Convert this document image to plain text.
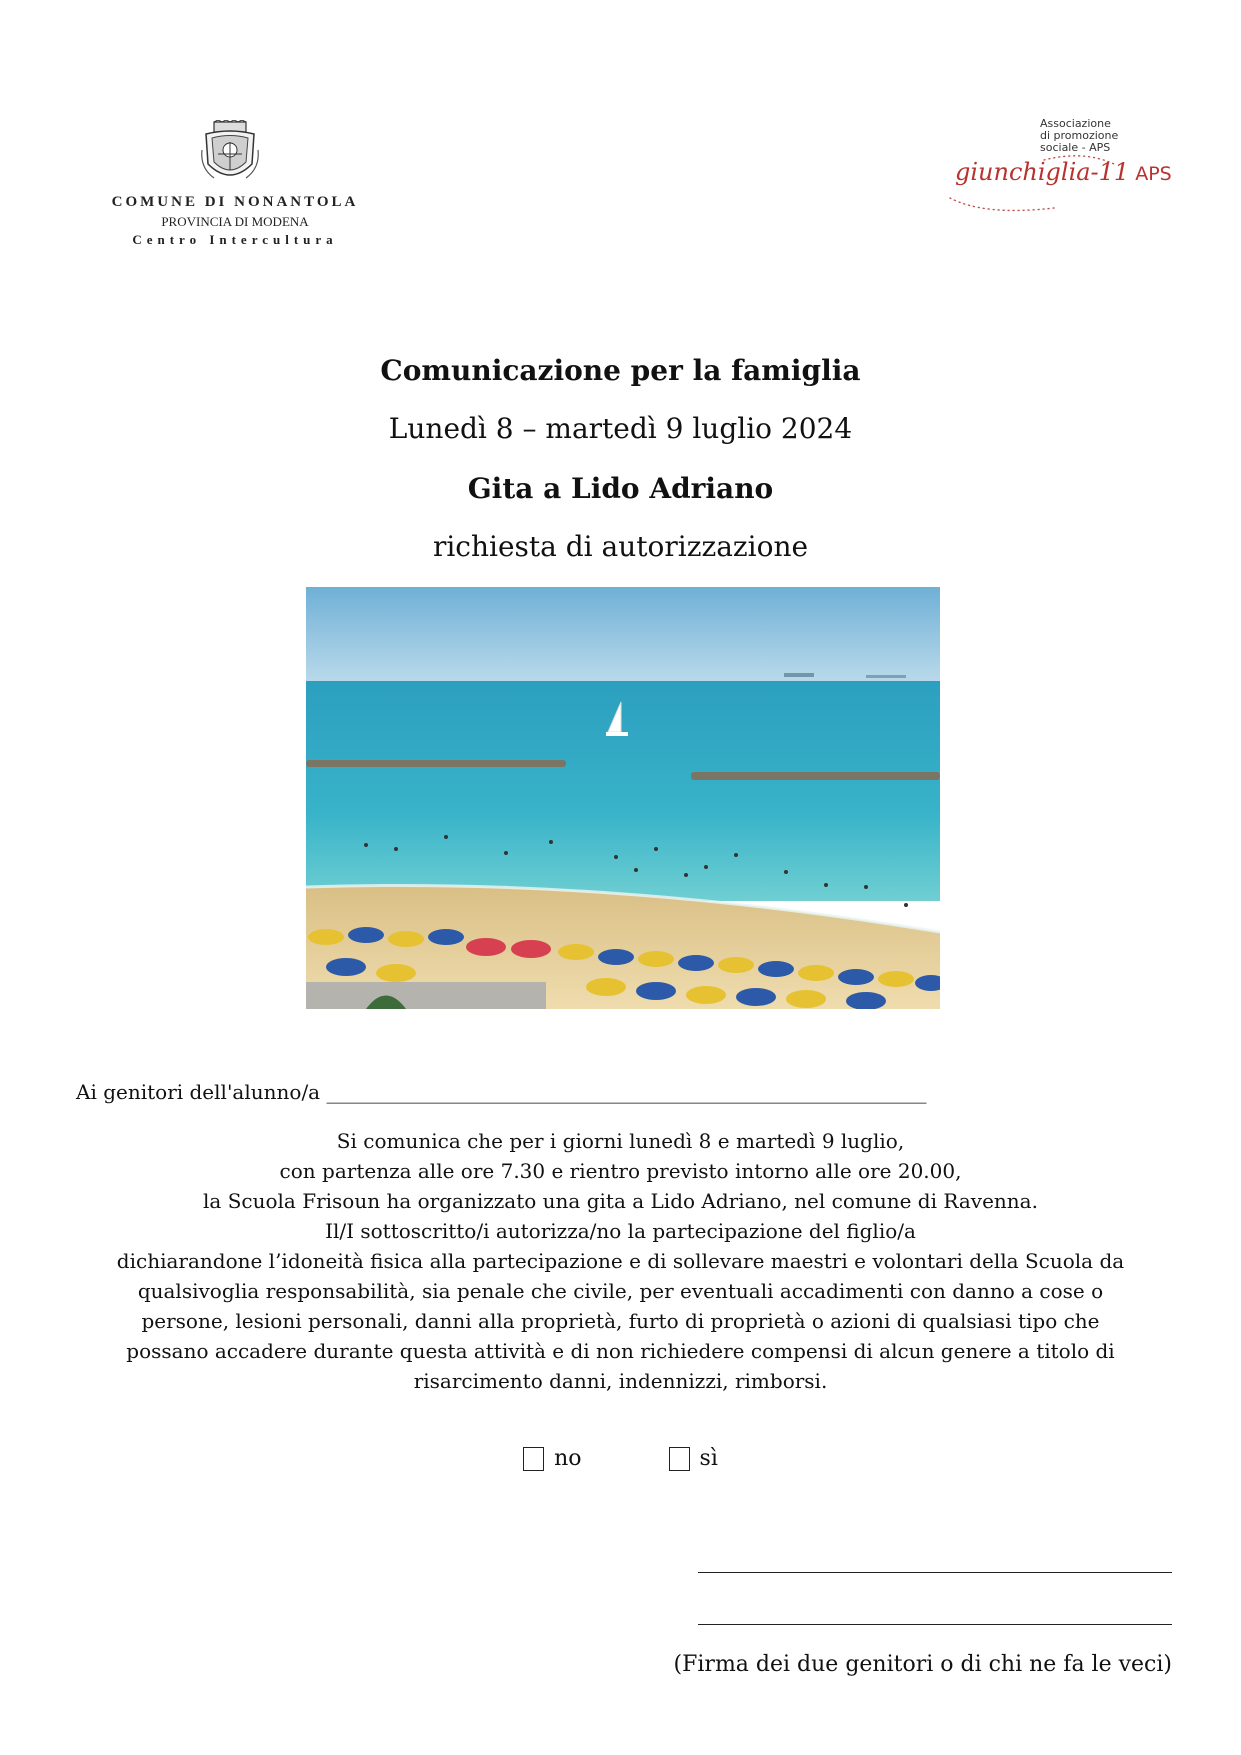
COMUNE DI NONANTOLA
PROVINCIA DI MODENA
Centro Intercultura
Associazione
di promozione
sociale - APS
giunchiglia-11 APS
Comunicazione per la famiglia
Lunedì 8 – martedì 9 luglio 2024
Gita a Lido Adriano
richiesta di autorizzazione
Ai genitori dell'alunno/a ____________________________________________________________
Si comunica che per i giorni lunedì 8 e martedì 9 luglio,
con partenza alle ore 7.30 e rientro previsto intorno alle ore 20.00,
la Scuola Frisoun ha organizzato una gita a Lido Adriano, nel comune di Ravenna.
Il/I sottoscritto/i autorizza/no la partecipazione del figlio/a
dichiarandone l’idoneità fisica alla partecipazione e di sollevare maestri e volontari della Scuola da
qualsivoglia responsabilità, sia penale che civile, per eventuali accadimenti con danno a cose o
persone, lesioni personali, danni alla proprietà, furto di proprietà o azioni di qualsiasi tipo che
possano accadere durante questa attività e di non richiedere compensi di alcun genere a titolo di
risarcimento danni, indennizzi, rimborsi.
no
	sì
(Firma dei due genitori o di chi ne fa le veci)
